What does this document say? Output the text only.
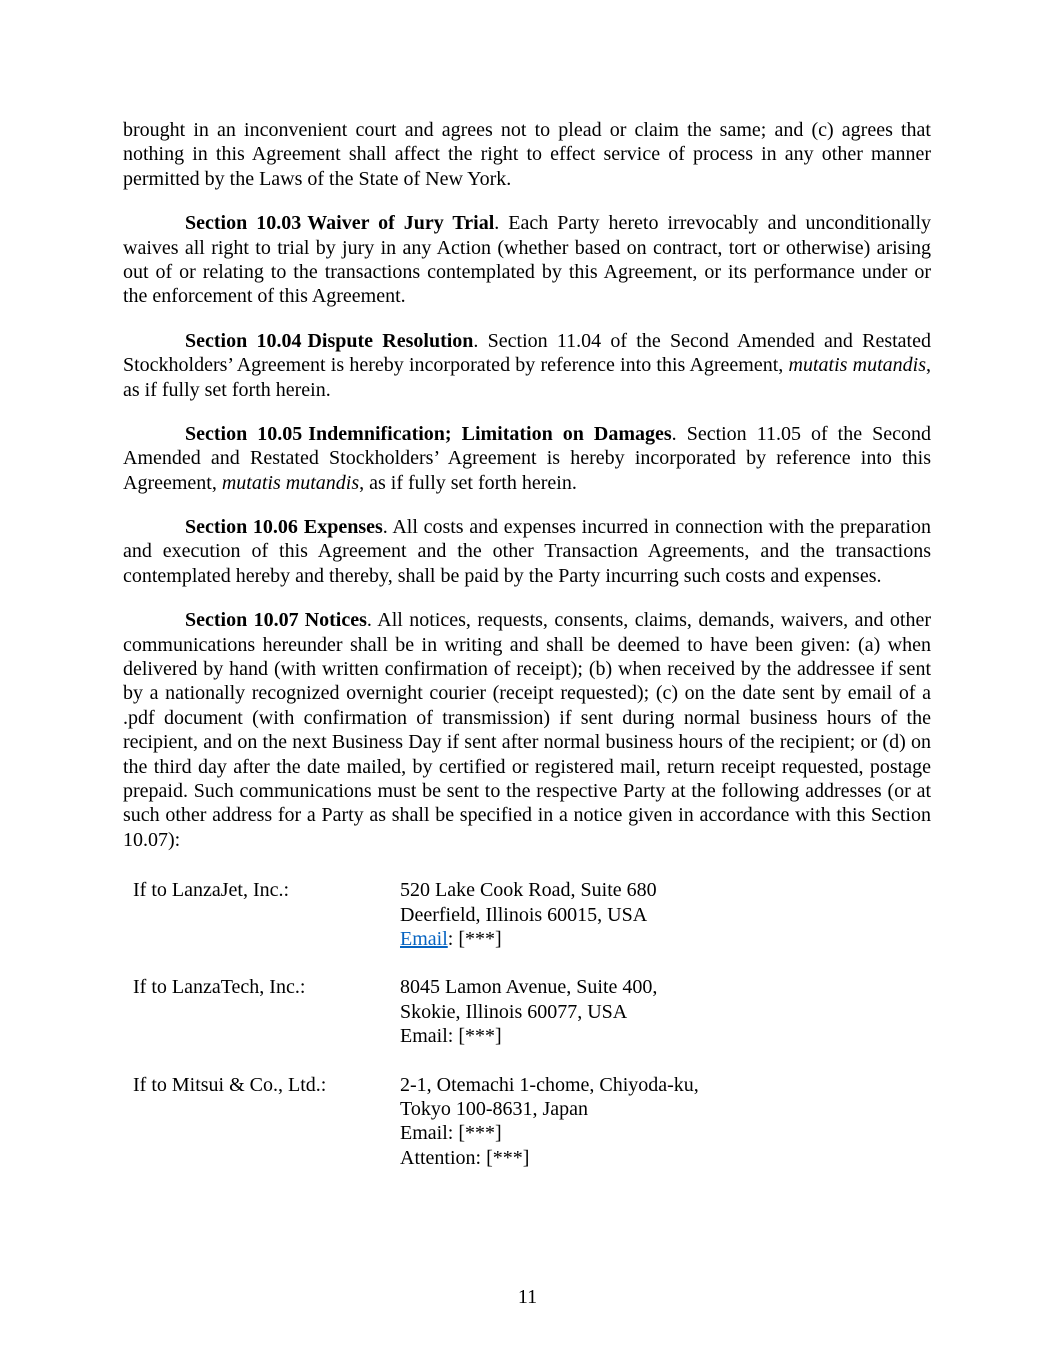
brought in an inconvenient court and agrees not to plead or claim the same; and (c) agrees that nothing in this Agreement shall affect the right to effect service of process in any other manner permitted by the Laws of the State of New York.

Section 10.03 Waiver of Jury Trial. Each Party hereto irrevocably and unconditionally waives all right to trial by jury in any Action (whether based on contract, tort or otherwise) arising out of or relating to the transactions contemplated by this Agreement, or its performance under or the enforcement of this Agreement.

Section 10.04 Dispute Resolution. Section 11.04 of the Second Amended and Restated Stockholders’ Agreement is hereby incorporated by reference into this Agreement, mutatis mutandis, as if fully set forth herein.

Section 10.05 Indemnification; Limitation on Damages. Section 11.05 of the Second Amended and Restated Stockholders’ Agreement is hereby incorporated by reference into this Agreement, mutatis mutandis, as if fully set forth herein.

Section 10.06 Expenses. All costs and expenses incurred in connection with the preparation and execution of this Agreement and the other Transaction Agreements, and the transactions contemplated hereby and thereby, shall be paid by the Party incurring such costs and expenses.

Section 10.07 Notices. All notices, requests, consents, claims, demands, waivers, and other communications hereunder shall be in writing and shall be deemed to have been given: (a) when delivered by hand (with written confirmation of receipt); (b) when received by the addressee if sent by a nationally recognized overnight courier (receipt requested); (c) on the date sent by email of a .pdf document (with confirmation of transmission) if sent during normal business hours of the recipient, and on the next Business Day if sent after normal business hours of the recipient; or (d) on the third day after the date mailed, by certified or registered mail, return receipt requested, postage prepaid. Such communications must be sent to the respective Party at the following addresses (or at such other address for a Party as shall be specified in a notice given in accordance with this Section 10.07):

If to LanzaJet, Inc.:	520 Lake Cook Road, Suite 680
Deerfield, Illinois 60015, USA
Email: [***]
If to LanzaTech, Inc.:	8045 Lamon Avenue, Suite 400,
Skokie, Illinois 60077, USA
Email: [***]
If to Mitsui & Co., Ltd.:	2-1, Otemachi 1-chome, Chiyoda-ku,
Tokyo 100-8631, Japan
Email: [***]
Attention: [***]
11
